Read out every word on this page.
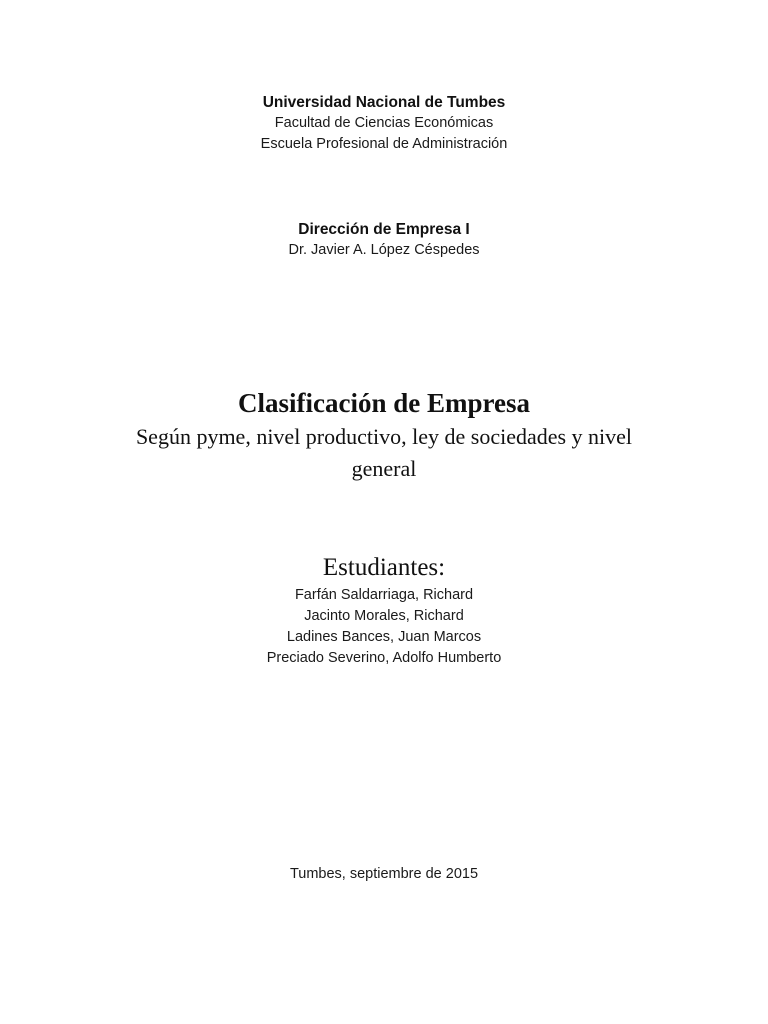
Universidad Nacional de Tumbes
Facultad de Ciencias Económicas
Escuela Profesional de Administración
Dirección de Empresa I
Dr. Javier A. López Céspedes
Clasificación de Empresa
Según pyme, nivel productivo, ley de sociedades y nivel general
Estudiantes:
Farfán Saldarriaga, Richard
Jacinto Morales, Richard
Ladines Bances, Juan Marcos
Preciado Severino, Adolfo Humberto
Tumbes, septiembre de 2015
